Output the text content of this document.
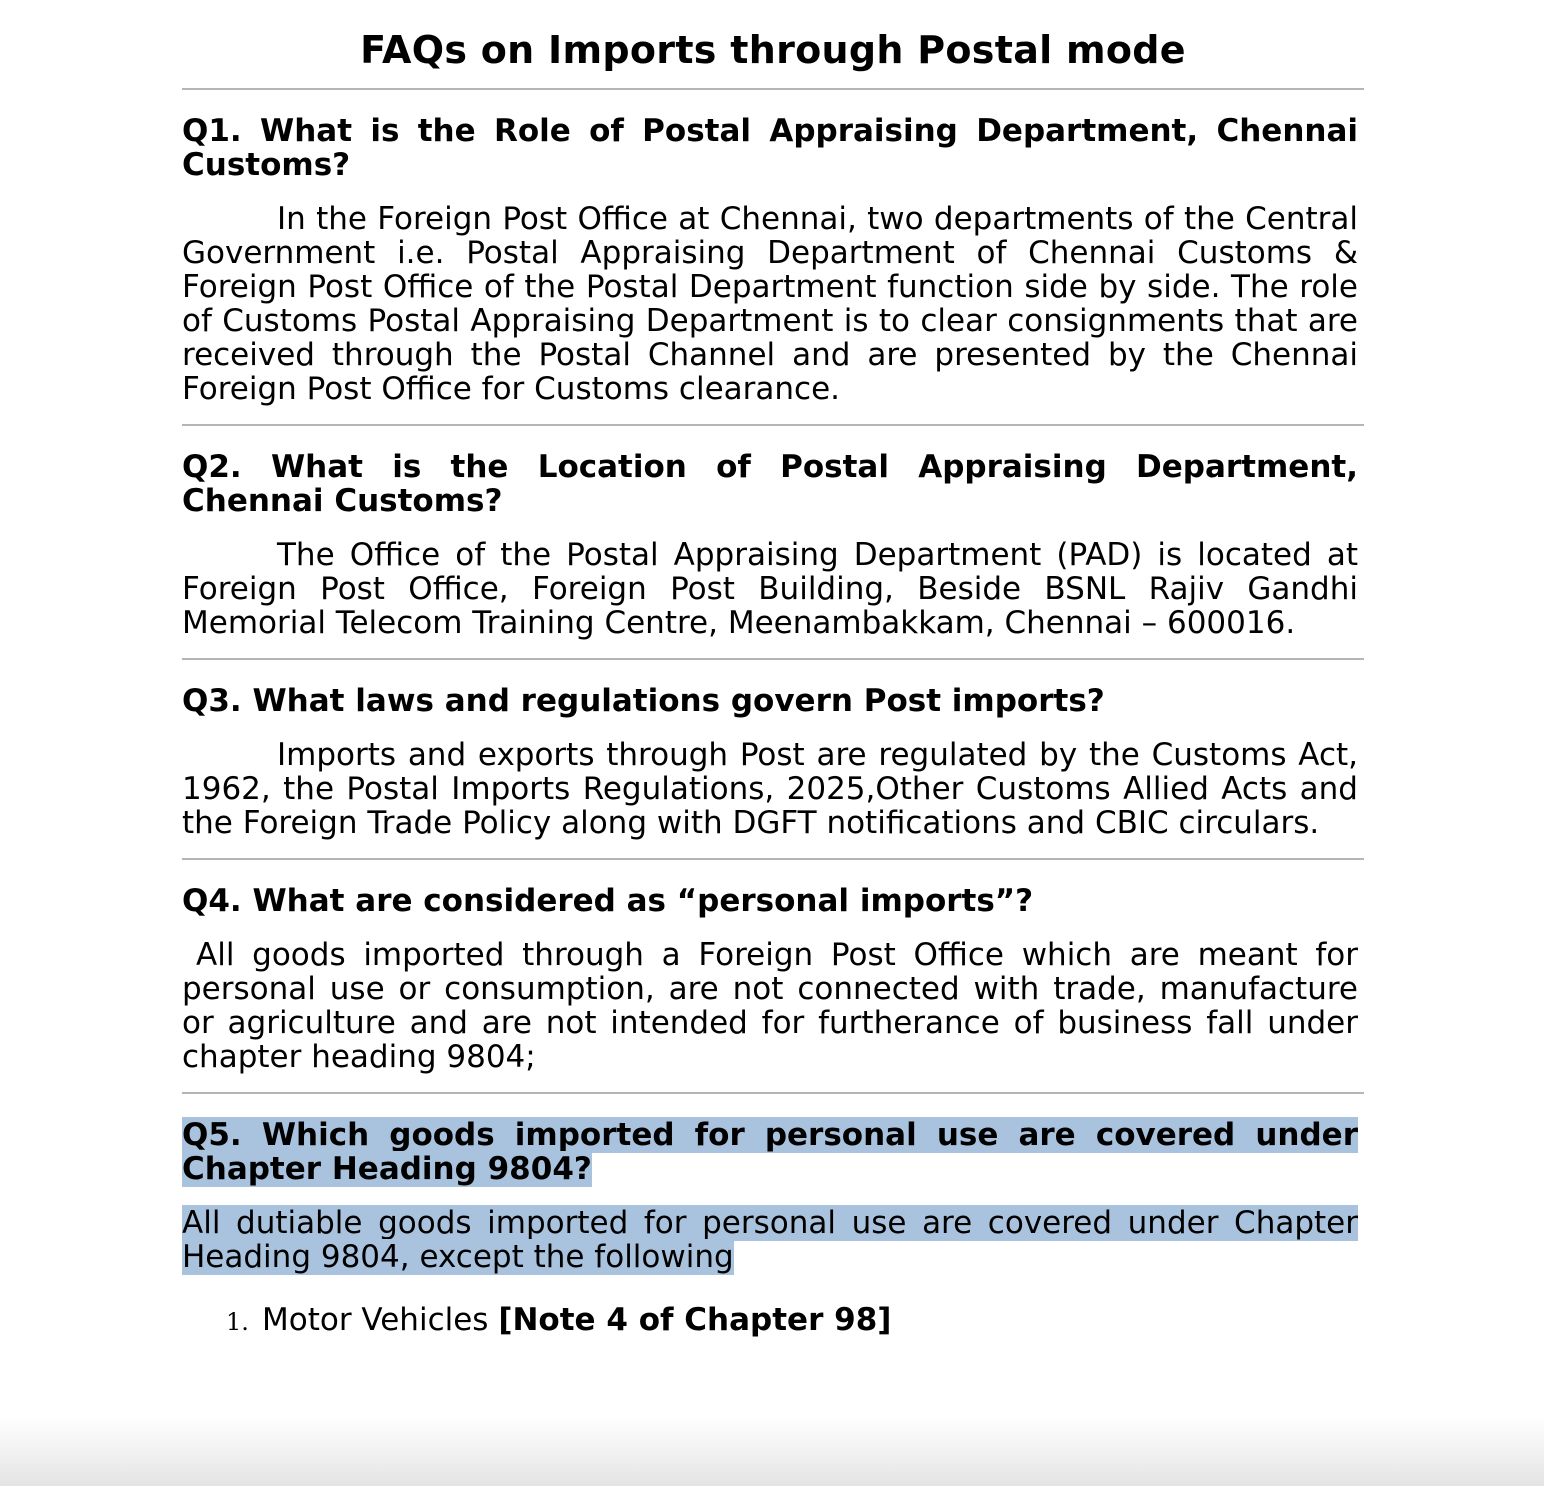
FAQs on Imports through Postal mode

Q1. What is the Role of Postal Appraising Department, Chennai Customs?

In the Foreign Post Office at Chennai, two departments of the Central Government i.e. Postal Appraising Department of Chennai Customs & Foreign Post Office of the Postal Department function side by side. The role of Customs Postal Appraising Department is to clear consignments that are received through the Postal Channel and are presented by the Chennai Foreign Post Office for Customs clearance.

Q2. What is the Location of Postal Appraising Department, Chennai Customs?

The Office of the Postal Appraising Department (PAD) is located at Foreign Post Office, Foreign Post Building, Beside BSNL Rajiv Gandhi Memorial Telecom Training Centre, Meenambakkam, Chennai – 600016.

Q3. What laws and regulations govern Post imports?

Imports and exports through Post are regulated by the Customs Act, 1962, the Postal Imports Regulations, 2025,Other Customs Allied Acts and the Foreign Trade Policy along with DGFT notifications and CBIC circulars.

Q4. What are considered as “personal imports”?

All goods imported through a Foreign Post Office which are meant for personal use or consumption, are not connected with trade, manufacture or agriculture and are not intended for furtherance of business fall under chapter heading 9804;

Q5. Which goods imported for personal use are covered under Chapter Heading 9804?

All dutiable goods imported for personal use are covered under Chapter Heading 9804, except the following

1. Motor Vehicles [Note 4 of Chapter 98]
